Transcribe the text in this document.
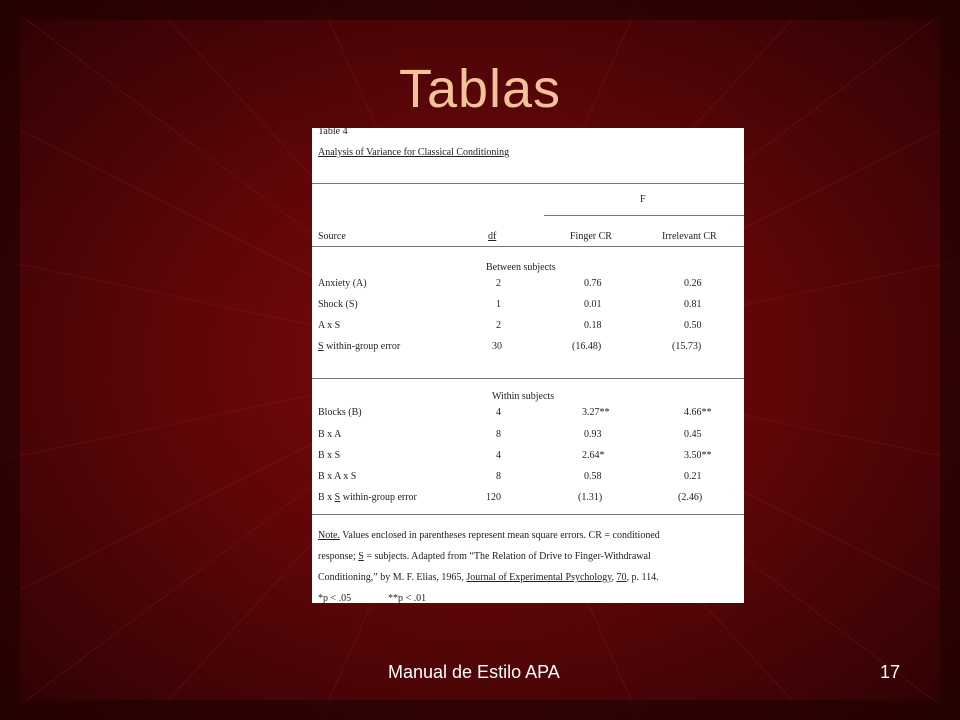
Tablas
Table 4
Analysis of Variance for Classical Conditioning
F
Source	df	Finger CR	Irrelevant CR
Between subjects
Anxiety (A)	2	0.76	0.26
Shock (S)	1	0.01	0.81
A x S	2	0.18	0.50
S within-group error	30	(16.48)	(15.73)
Within subjects
Blocks (B)	4	3.27**	4.66**
B x A	8	0.93	0.45
B x S	4	2.64*	3.50**
B x A x S	8	0.58	0.21
B x S within-group error	120	(1.31)	(2.46)
Note. Values enclosed in parentheses represent mean square errors. CR = conditioned
response; S = subjects. Adapted from “The Relation of Drive to Finger-Withdrawal
Conditioning,” by M. F. Elias, 1965, Journal of Experimental Psychology, 70, p. 114.
*p < .05	**p < .01
Manual de Estilo APA	17
